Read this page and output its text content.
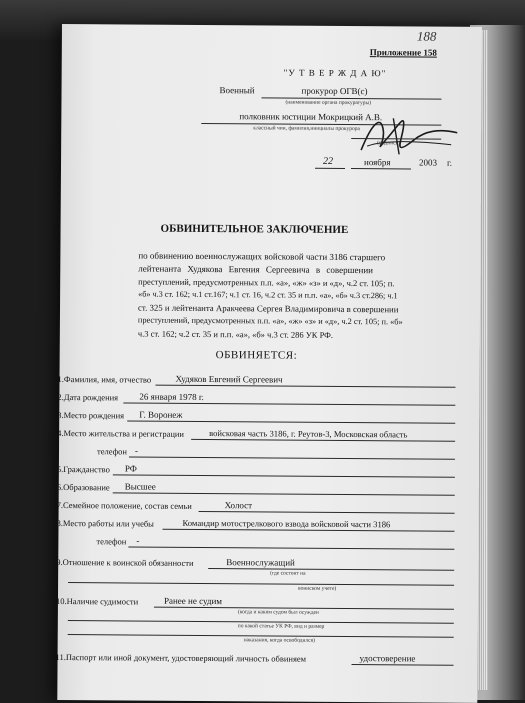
188
Приложение 158
"У Т В Е Р Ж Д А Ю"
Военный	прокурор ОГВ(с)
(наименование органа прокуратуры)
полковник юстиции Мокрицкий А.В.
классный чин, фамилия,инициалы прокурора
(подпись)
22	ноября	2003 г.
ОБВИНИТЕЛЬНОЕ ЗАКЛЮЧЕНИЕ
по обвинению военнослужащих войсковой части 3186 старшего
лейтенанта Худякова Евгения Сергеевича в совершении
преступлений, предусмотренных п.п. «а», «ж» «з» и «д», ч.2 ст. 105; п.
«б» ч.3 ст. 162; ч.1 ст.167; ч.1 ст. 16, ч.2 ст. 35 и п.п. «а», «б» ч.3 ст.286; ч.1
ст. 325 и лейтенанта Аракчеева Сергея Владимировича в совершении
преступлений, предусмотренных п.п. «а», «ж» «з» и «д», ч.2 ст. 105; п. «б»
ч.3 ст. 162; ч.2 ст. 35 и п.п. «а», «б» ч.3 ст. 286 УК РФ.
ОБВИНЯЕТСЯ:
1.Фамилия, имя, отчество	Худяков Евгений Сергеевич
2.Дата рождения 26 января 1978 г.
3.Место рождения Г. Воронеж
4.Место жительства и регистрации	войсковая часть 3186, г. Реутов-3, Московская область
телефон -
5.Гражданство РФ
6.Образование Высшее
7.Семейное положение, состав семьи	Холост
8.Место работы или учебы	Командир мотострелкового взвода войсковой части 3186
телефон -
9.Отношение к воинской обязанности	Военнослужащий
(где состоит на
воинском учете)
10.Наличие судимости	Ранее не судим
(когда и каким судом был осужден
по какой статье УК РФ, вид и размер
наказания, когда освободился)
11.Паспорт или иной документ, удостоверяющий личность обвиняем	удостоверение
